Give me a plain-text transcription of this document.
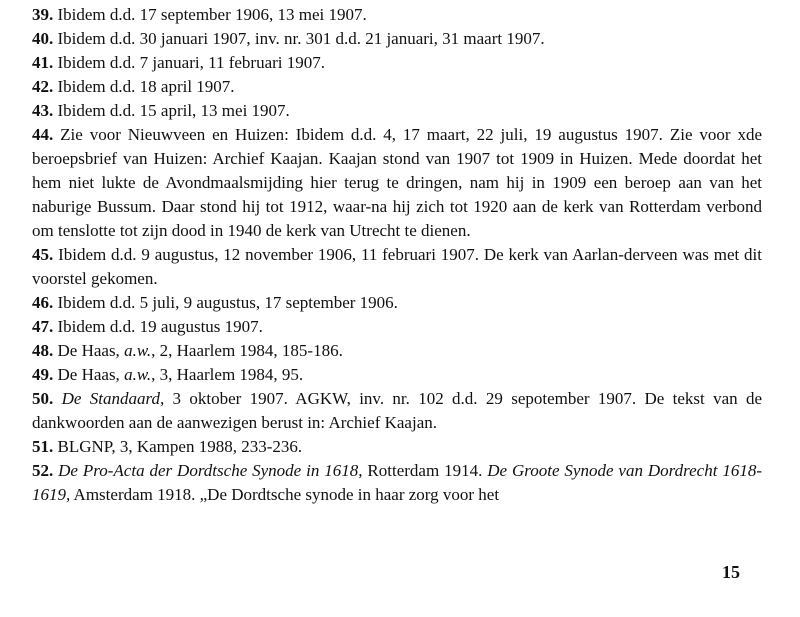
39. Ibidem d.d. 17 september 1906, 13 mei 1907.

40. Ibidem d.d. 30 januari 1907, inv. nr. 301 d.d. 21 januari, 31 maart 1907.

41. Ibidem d.d. 7 januari, 11 februari 1907.

42. Ibidem d.d. 18 april 1907.

43. Ibidem d.d. 15 april, 13 mei 1907.

44. Zie voor Nieuwveen en Huizen: Ibidem d.d. 4, 17 maart, 22 juli, 19 augustus 1907. Zie voor xde beroepsbrief van Huizen: Archief Kaajan. Kaajan stond van 1907 tot 1909 in Huizen. Mede doordat het hem niet lukte de Avondmaalsmijding hier terug te dringen, nam hij in 1909 een beroep aan van het naburige Bussum. Daar stond hij tot 1912, waar-na hij zich tot 1920 aan de kerk van Rotterdam verbond om tenslotte tot zijn dood in 1940 de kerk van Utrecht te dienen.

45. Ibidem d.d. 9 augustus, 12 november 1906, 11 februari 1907. De kerk van Aarlan-derveen was met dit voorstel gekomen.

46. Ibidem d.d. 5 juli, 9 augustus, 17 september 1906.

47. Ibidem d.d. 19 augustus 1907.

48. De Haas, a.w., 2, Haarlem 1984, 185-186.

49. De Haas, a.w., 3, Haarlem 1984, 95.

50. De Standaard, 3 oktober 1907. AGKW, inv. nr. 102 d.d. 29 sepotember 1907. De tekst van de dankwoorden aan de aanwezigen berust in: Archief Kaajan.

51. BLGNP, 3, Kampen 1988, 233-236.

52. De Pro-Acta der Dordtsche Synode in 1618, Rotterdam 1914. De Groote Synode van Dordrecht 1618-1619, Amsterdam 1918. „De Dordtsche synode in haar zorg voor het

15
